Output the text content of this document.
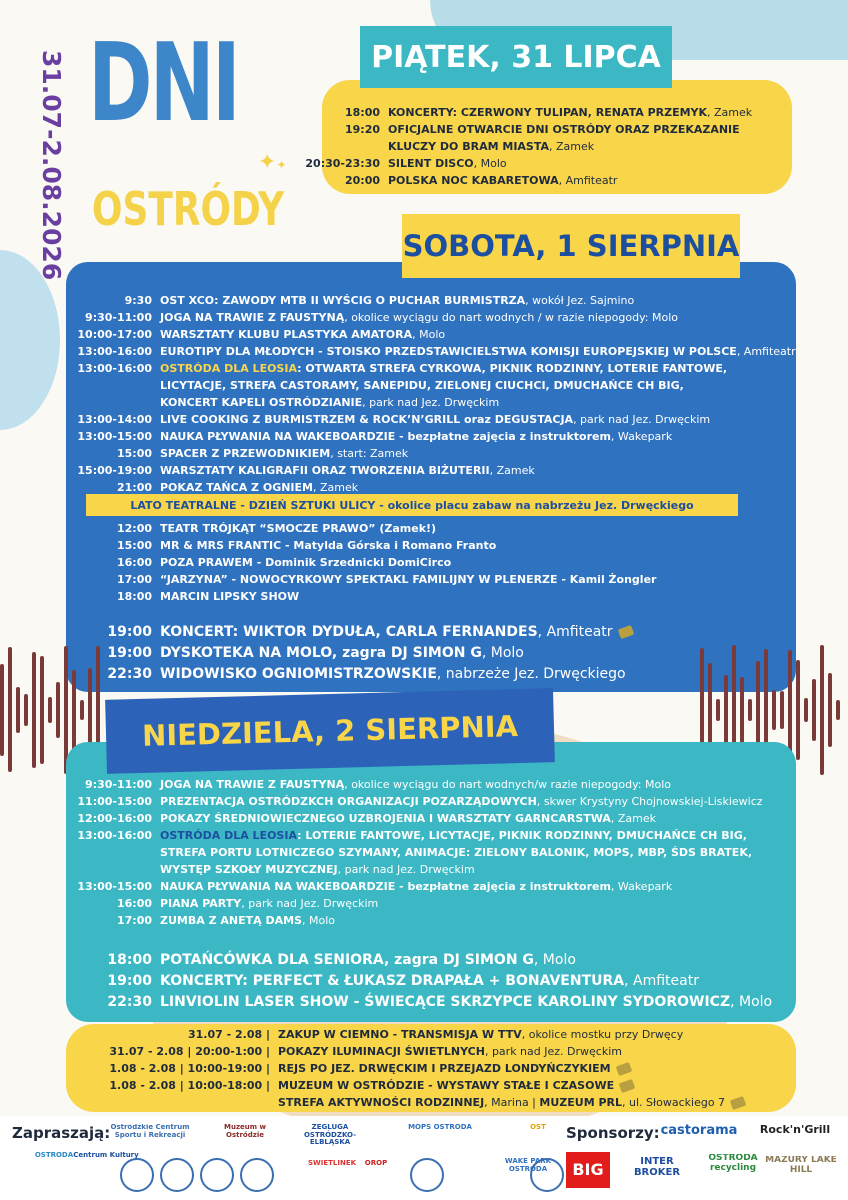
31.07-2.08.2026 DNI
OSTRÓDY
✦✦
PIĄTEK, 31 LIPCA
18:00 KONCERTY: CZERWONY TULIPAN, RENATA PRZEMYK, Zamek
19:20 OFICJALNE OTWARCIE DNI OSTRÓDY ORAZ PRZEKAZANIE
KLUCZY DO BRAM MIASTA, Zamek
20:30-23:30 SILENT DISCO, Molo
20:00 POLSKA NOC KABARETOWA, Amfiteatr
SOBOTA, 1 SIERPNIA
9:30 OST XCO: ZAWODY MTB II WYŚCIG O PUCHAR BURMISTRZA, wokół Jez. Sajmino
9:30-11:00 JOGA NA TRAWIE Z FAUSTYNĄ, okolice wyciągu do nart wodnych / w razie niepogody: Molo
10:00-17:00 WARSZTATY KLUBU PLASTYKA AMATORA, Molo
13:00-16:00 EUROTIPY DLA MŁODYCH - STOISKO PRZEDSTAWICIELSTWA KOMISJI EUROPEJSKIEJ W POLSCE, Amfiteatr
13:00-16:00 OSTRÓDA DLA LEOSIA: OTWARTA STREFA CYRKOWA, PIKNIK RODZINNY, LOTERIE FANTOWE,
LICYTACJE, STREFA CASTORAMY, SANEPIDU, ZIELONEJ CIUCHCI, DMUCHAŃCE CH BIG,
KONCERT KAPELI OSTRÓDZIANIE, park nad Jez. Drwęckim
13:00-14:00 LIVE COOKING Z BURMISTRZEM & ROCK’N’GRILL oraz DEGUSTACJA, park nad Jez. Drwęckim
13:00-15:00 NAUKA PŁYWANIA NA WAKEBOARDZIE - bezpłatne zajęcia z instruktorem, Wakepark
15:00 SPACER Z PRZEWODNIKIEM, start: Zamek
15:00-19:00 WARSZTATY KALIGRAFII ORAZ TWORZENIA BIŻUTERII, Zamek
21:00 POKAZ TAŃCA Z OGNIEM, Zamek
LATO TEATRALNE - DZIEŃ SZTUKI ULICY - okolice placu zabaw na nabrzeżu Jez. Drwęckiego
12:00 TEATR TRÓJKĄT “SMOCZE PRAWO” (Zamek!)
15:00 MR & MRS FRANTIC - Matylda Górska i Romano Franto
16:00 POZA PRAWEM - Dominik Srzednicki DomiCirco
17:00 “JARZYNA” - NOWOCYRKOWY SPEKTAKL FAMILIJNY W PLENERZE - Kamil Żongler
18:00 MARCIN LIPSKY SHOW
19:00 KONCERT: WIKTOR DYDUŁA, CARLA FERNANDES, Amfiteatr
19:00 DYSKOTEKA NA MOLO, zagra DJ SIMON G, Molo
22:30 WIDOWISKO OGNIOMISTRZOWSKIE, nabrzeże Jez. Drwęckiego
NIEDZIELA, 2 SIERPNIA
9:30-11:00 JOGA NA TRAWIE Z FAUSTYNĄ, okolice wyciągu do nart wodnych/w razie niepogody: Molo
11:00-15:00 PREZENTACJA OSTRÓDZKCH ORGANIZACJI POZARZĄDOWYCH, skwer Krystyny Chojnowskiej-Liskiewicz
12:00-16:00 POKAZY ŚREDNIOWIECZNEGO UZBROJENIA I WARSZTATY GARNCARSTWA, Zamek
13:00-16:00 OSTRÓDA DLA LEOSIA: LOTERIE FANTOWE, LICYTACJE, PIKNIK RODZINNY, DMUCHAŃCE CH BIG,
STREFA PORTU LOTNICZEGO SZYMANY, ANIMACJE: ZIELONY BALONIK, MOPS, MBP, ŚDS BRATEK,
WYSTĘP SZKOŁY MUZYCZNEJ, park nad Jez. Drwęckim
13:00-15:00 NAUKA PŁYWANIA NA WAKEBOARDZIE - bezpłatne zajęcia z instruktorem, Wakepark
16:00 PIANA PARTY, park nad Jez. Drwęckim
17:00 ZUMBA Z ANETĄ DAMS, Molo
18:00 POTAŃCÓWKA DLA SENIORA, zagra DJ SIMON G, Molo
19:00 KONCERTY: PERFECT & ŁUKASZ DRAPAŁA + BONAVENTURA, Amfiteatr
22:30 LINVIOLIN LASER SHOW - ŚWIECĄCE SKRZYPCE KAROLINY SYDOROWICZ, Molo
31.07 - 2.08 | ZAKUP W CIEMNO - TRANSMISJA W TTV, okolice mostku przy Drwęcy
31.07 - 2.08 | 20:00-1:00 | POKAZY ILUMINACJI ŚWIETLNYCH, park nad Jez. Drwęckim
1.08 - 2.08 | 10:00-19:00 | REJS PO JEZ. DRWĘCKIM I PRZEJAZD LONDYŃCZYKIEM
1.08 - 2.08 | 10:00-18:00 | MUZEUM W OSTRÓDZIE - WYSTAWY STAŁE I CZASOWE
STREFA AKTYWNOŚCI RODZINNEJ, Marina | MUZEUM PRL, ul. Słowackiego 7
Zapraszają:	Sponsorzy:
Ostródzkie Centrum Sportu i Rekreacji
Muzeum w Ostródzie
ŻEGLUGA OSTRÓDZKO-ELBLĄSKA
MOPS OSTRÓDA	OST
OSTRÓDA Centrum Kultury
ŚWIETLINEK	OROP	WAKE PARK OSTRÓDA
castorama	Rock'n'Grill
BIG	INTER BROKER
OSTRÓDA recycling
MAZURY LAKE HILL
